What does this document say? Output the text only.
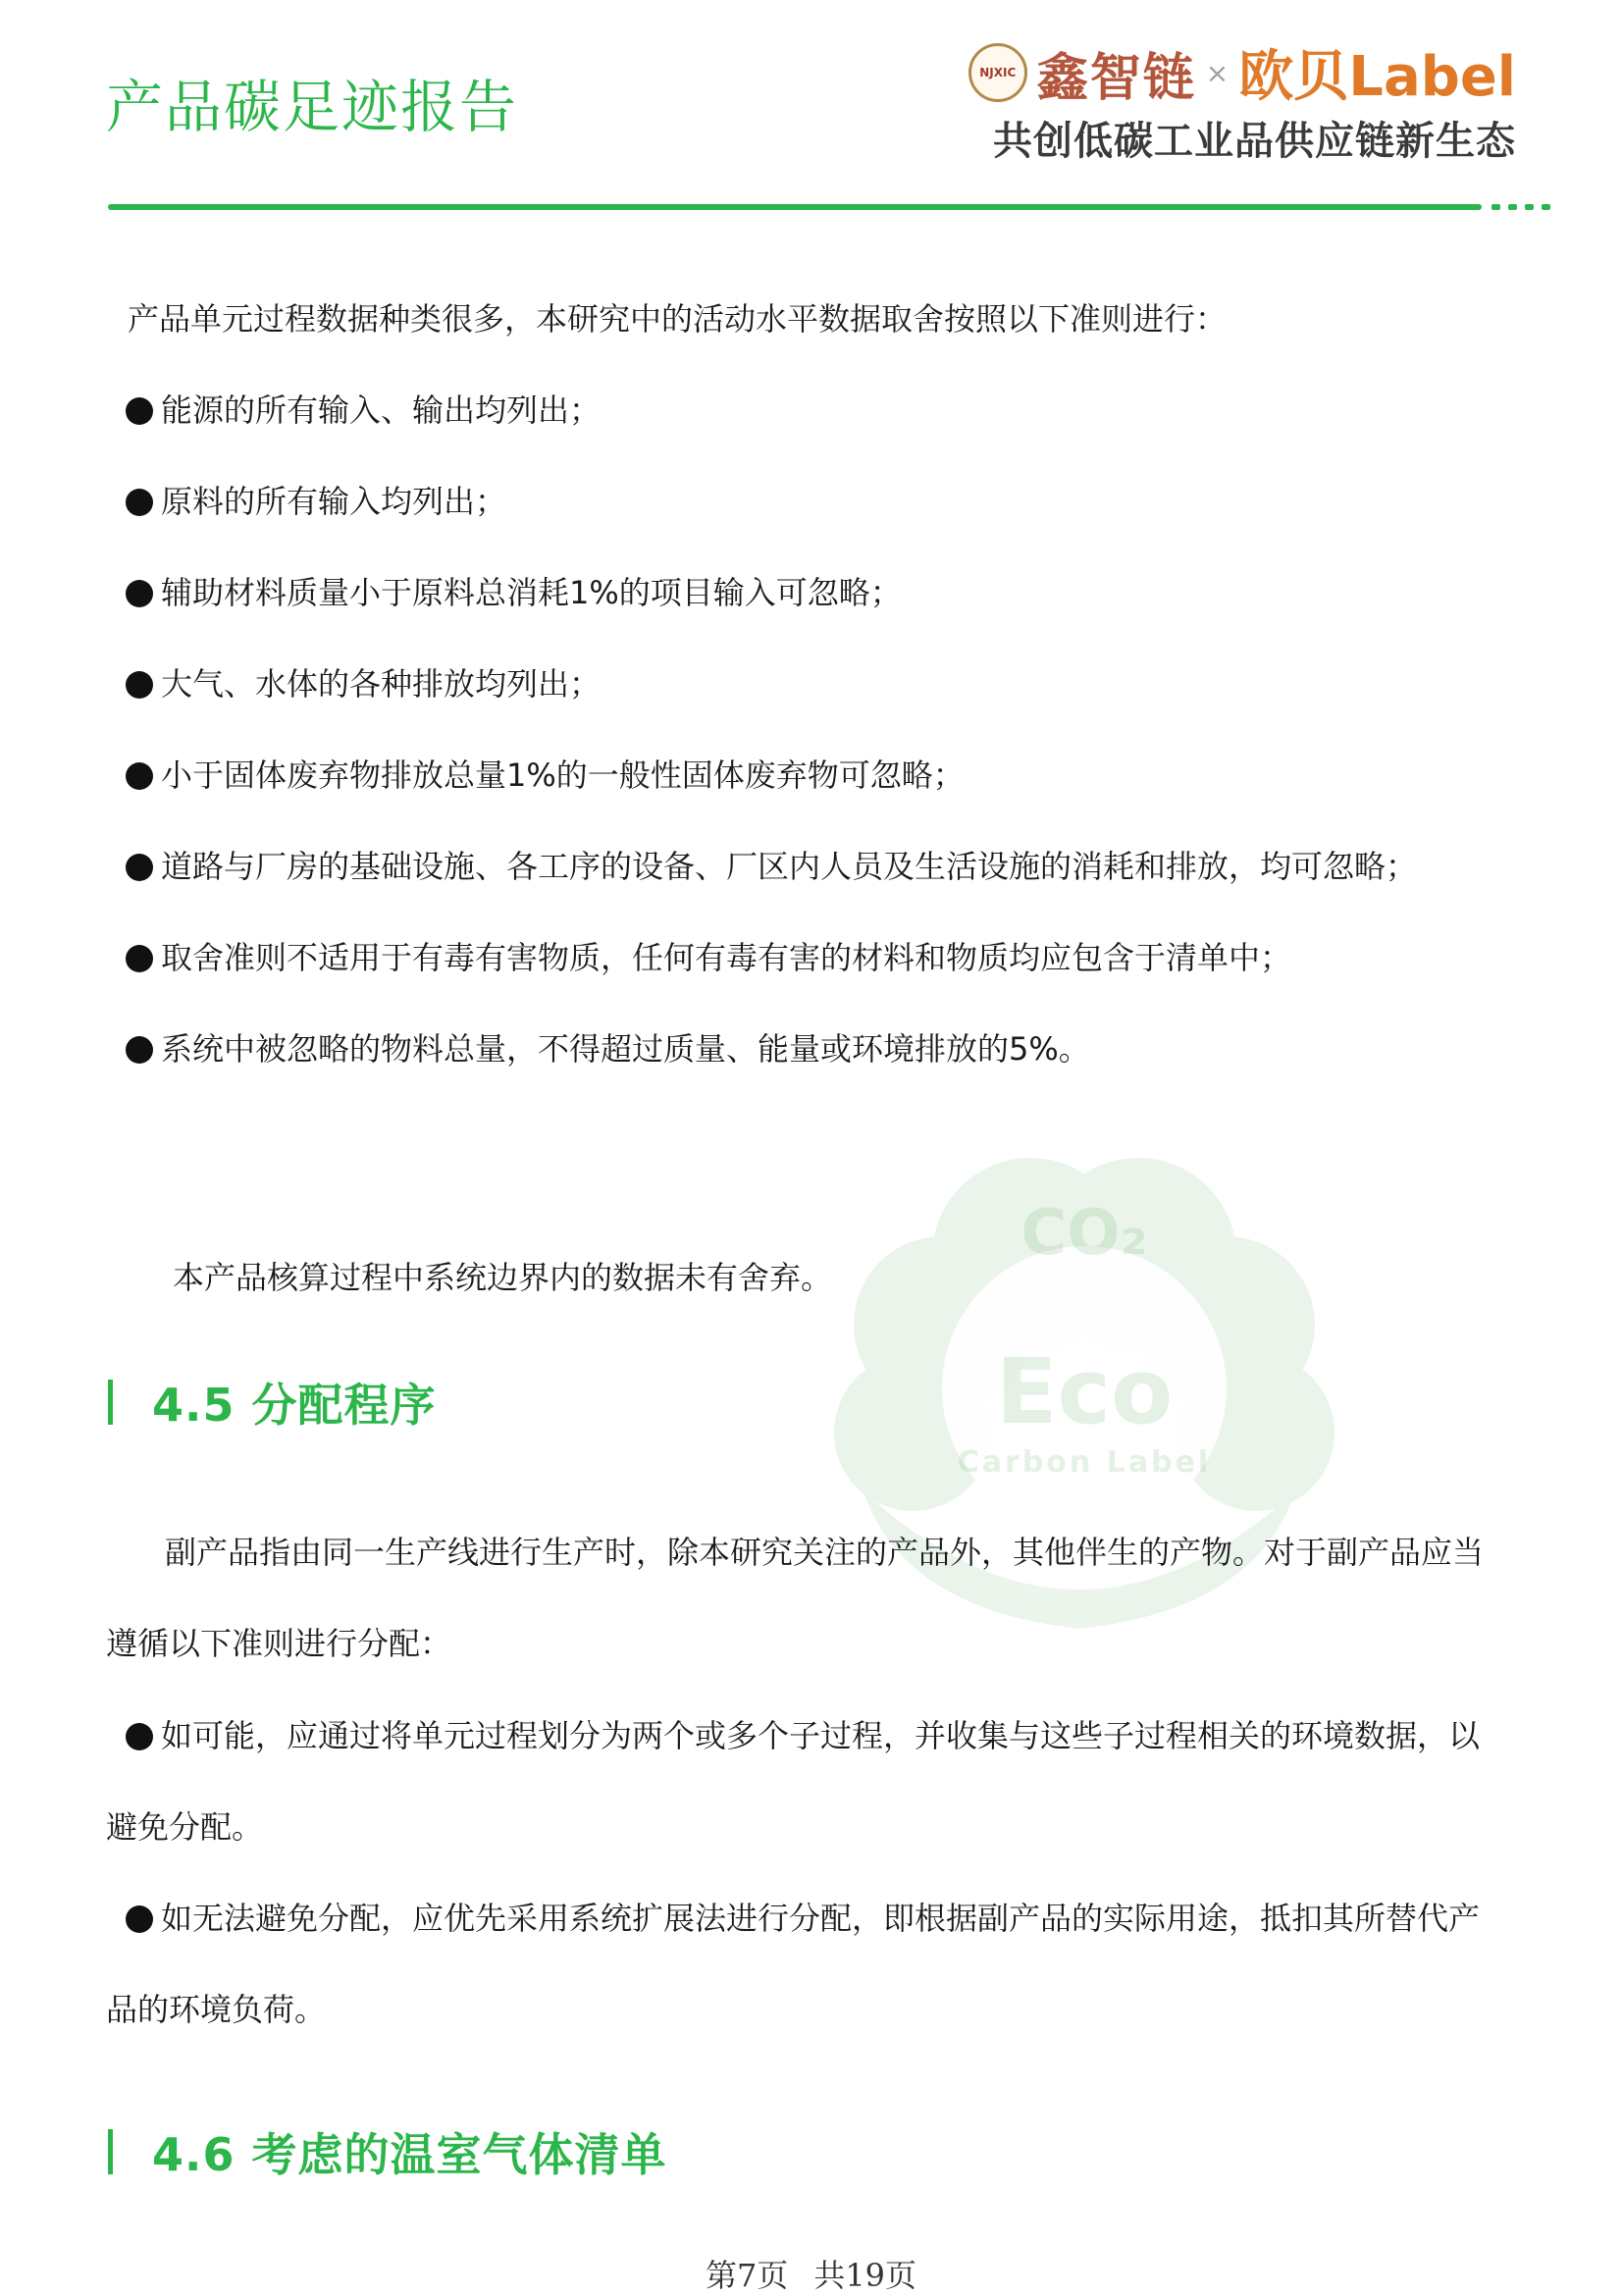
产品碳足迹报告
NJXIC 鑫智链 × 欧贝Label

共创低碳工业品供应链新生态

CO₂
Eco
Carbon Label

产品单元过程数据种类很多，本研究中的活动水平数据取舍按照以下准则进行：

能源的所有输入、输出均列出；

原料的所有输入均列出；

辅助材料质量小于原料总消耗1%的项目输入可忽略；

大气、水体的各种排放均列出；

小于固体废弃物排放总量1%的一般性固体废弃物可忽略；

道路与厂房的基础设施、各工序的设备、厂区内人员及生活设施的消耗和排放，均可忽略；

取舍准则不适用于有毒有害物质，任何有毒有害的材料和物质均应包含于清单中；

系统中被忽略的物料总量，不得超过质量、能量或环境排放的5%。

本产品核算过程中系统边界内的数据未有舍弃。

4.5 分配程序

副产品指由同一生产线进行生产时，除本研究关注的产品外，其他伴生的产物。对于副产品应当

遵循以下准则进行分配：

如可能，应通过将单元过程划分为两个或多个子过程，并收集与这些子过程相关的环境数据，以

避免分配。

如无法避免分配，应优先采用系统扩展法进行分配，即根据副产品的实际用途，抵扣其所替代产

品的环境负荷。

4.6 考虑的温室气体清单
第7页 共19页
